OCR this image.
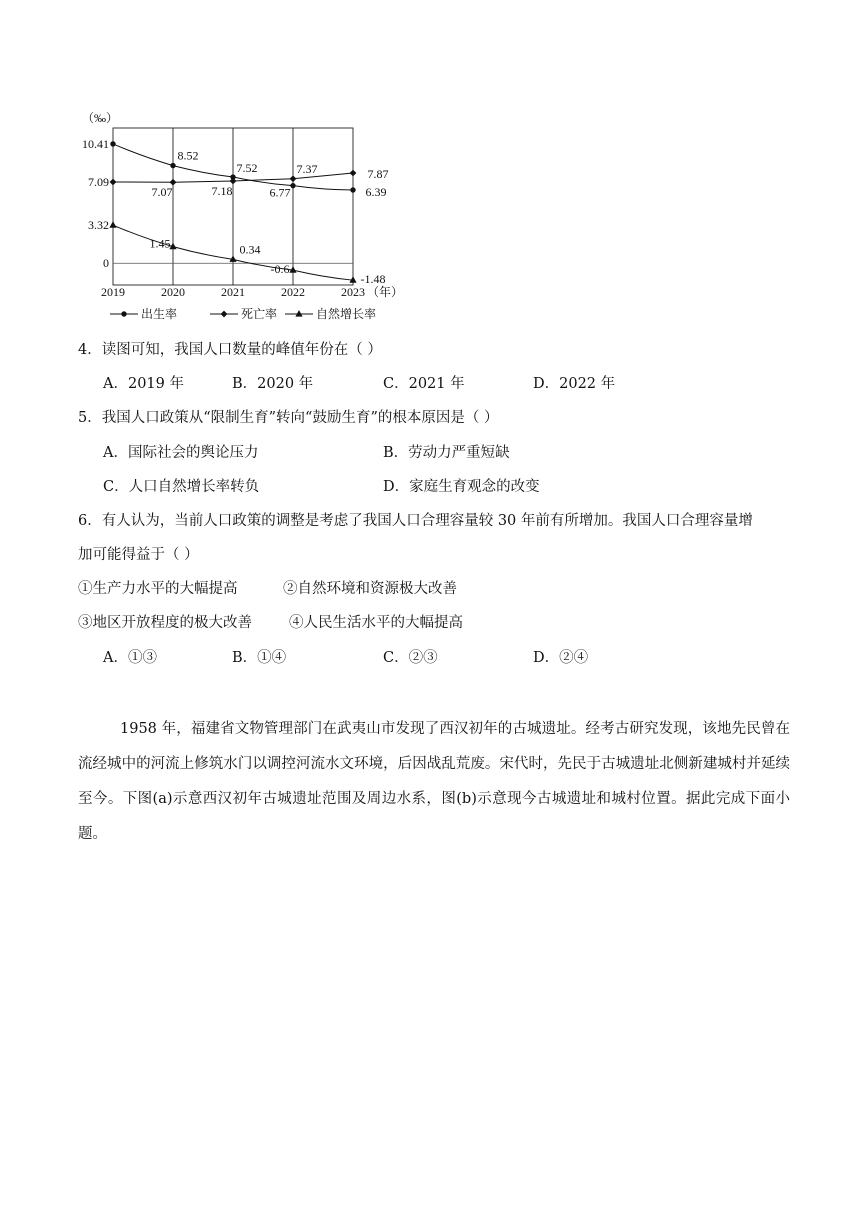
（‰）
10.41
7.09
3.32
0
2019	2020	2021	2022	2023 （年）
8.52
7.52
6.77	6.39
7.07	7.18
7.37	7.87
1.45	0.34
-0.6
-1.48
出生率	死亡率	自然增长率
4．读图可知，我国人口数量的峰值年份在（ ）
A．2019 年	B．2020 年	C．2021 年	D．2022 年
5．我国人口政策从“限制生育”转向“鼓励生育”的根本原因是（ ）
A．国际社会的舆论压力	B．劳动力严重短缺
C．人口自然增长率转负	D．家庭生育观念的改变
6．有人认为，当前人口政策的调整是考虑了我国人口合理容量较 30 年前有所增加。我国人口合理容量增
加可能得益于（ ）
①生产力水平的大幅提高	②自然环境和资源极大改善
③地区开放程度的极大改善	④人民生活水平的大幅提高
A．①③	B．①④	C．②③	D．②④
1958 年，福建省文物管理部门在武夷山市发现了西汉初年的古城遗址。经考古研究发现，该地先民曾在流经城中的河流上修筑水门以调控河流水文环境，后因战乱荒废。宋代时，先民于古城遗址北侧新建城村并延续至今。下图(a)示意西汉初年古城遗址范围及周边水系，图(b)示意现今古城遗址和城村位置。据此完成下面小题。
